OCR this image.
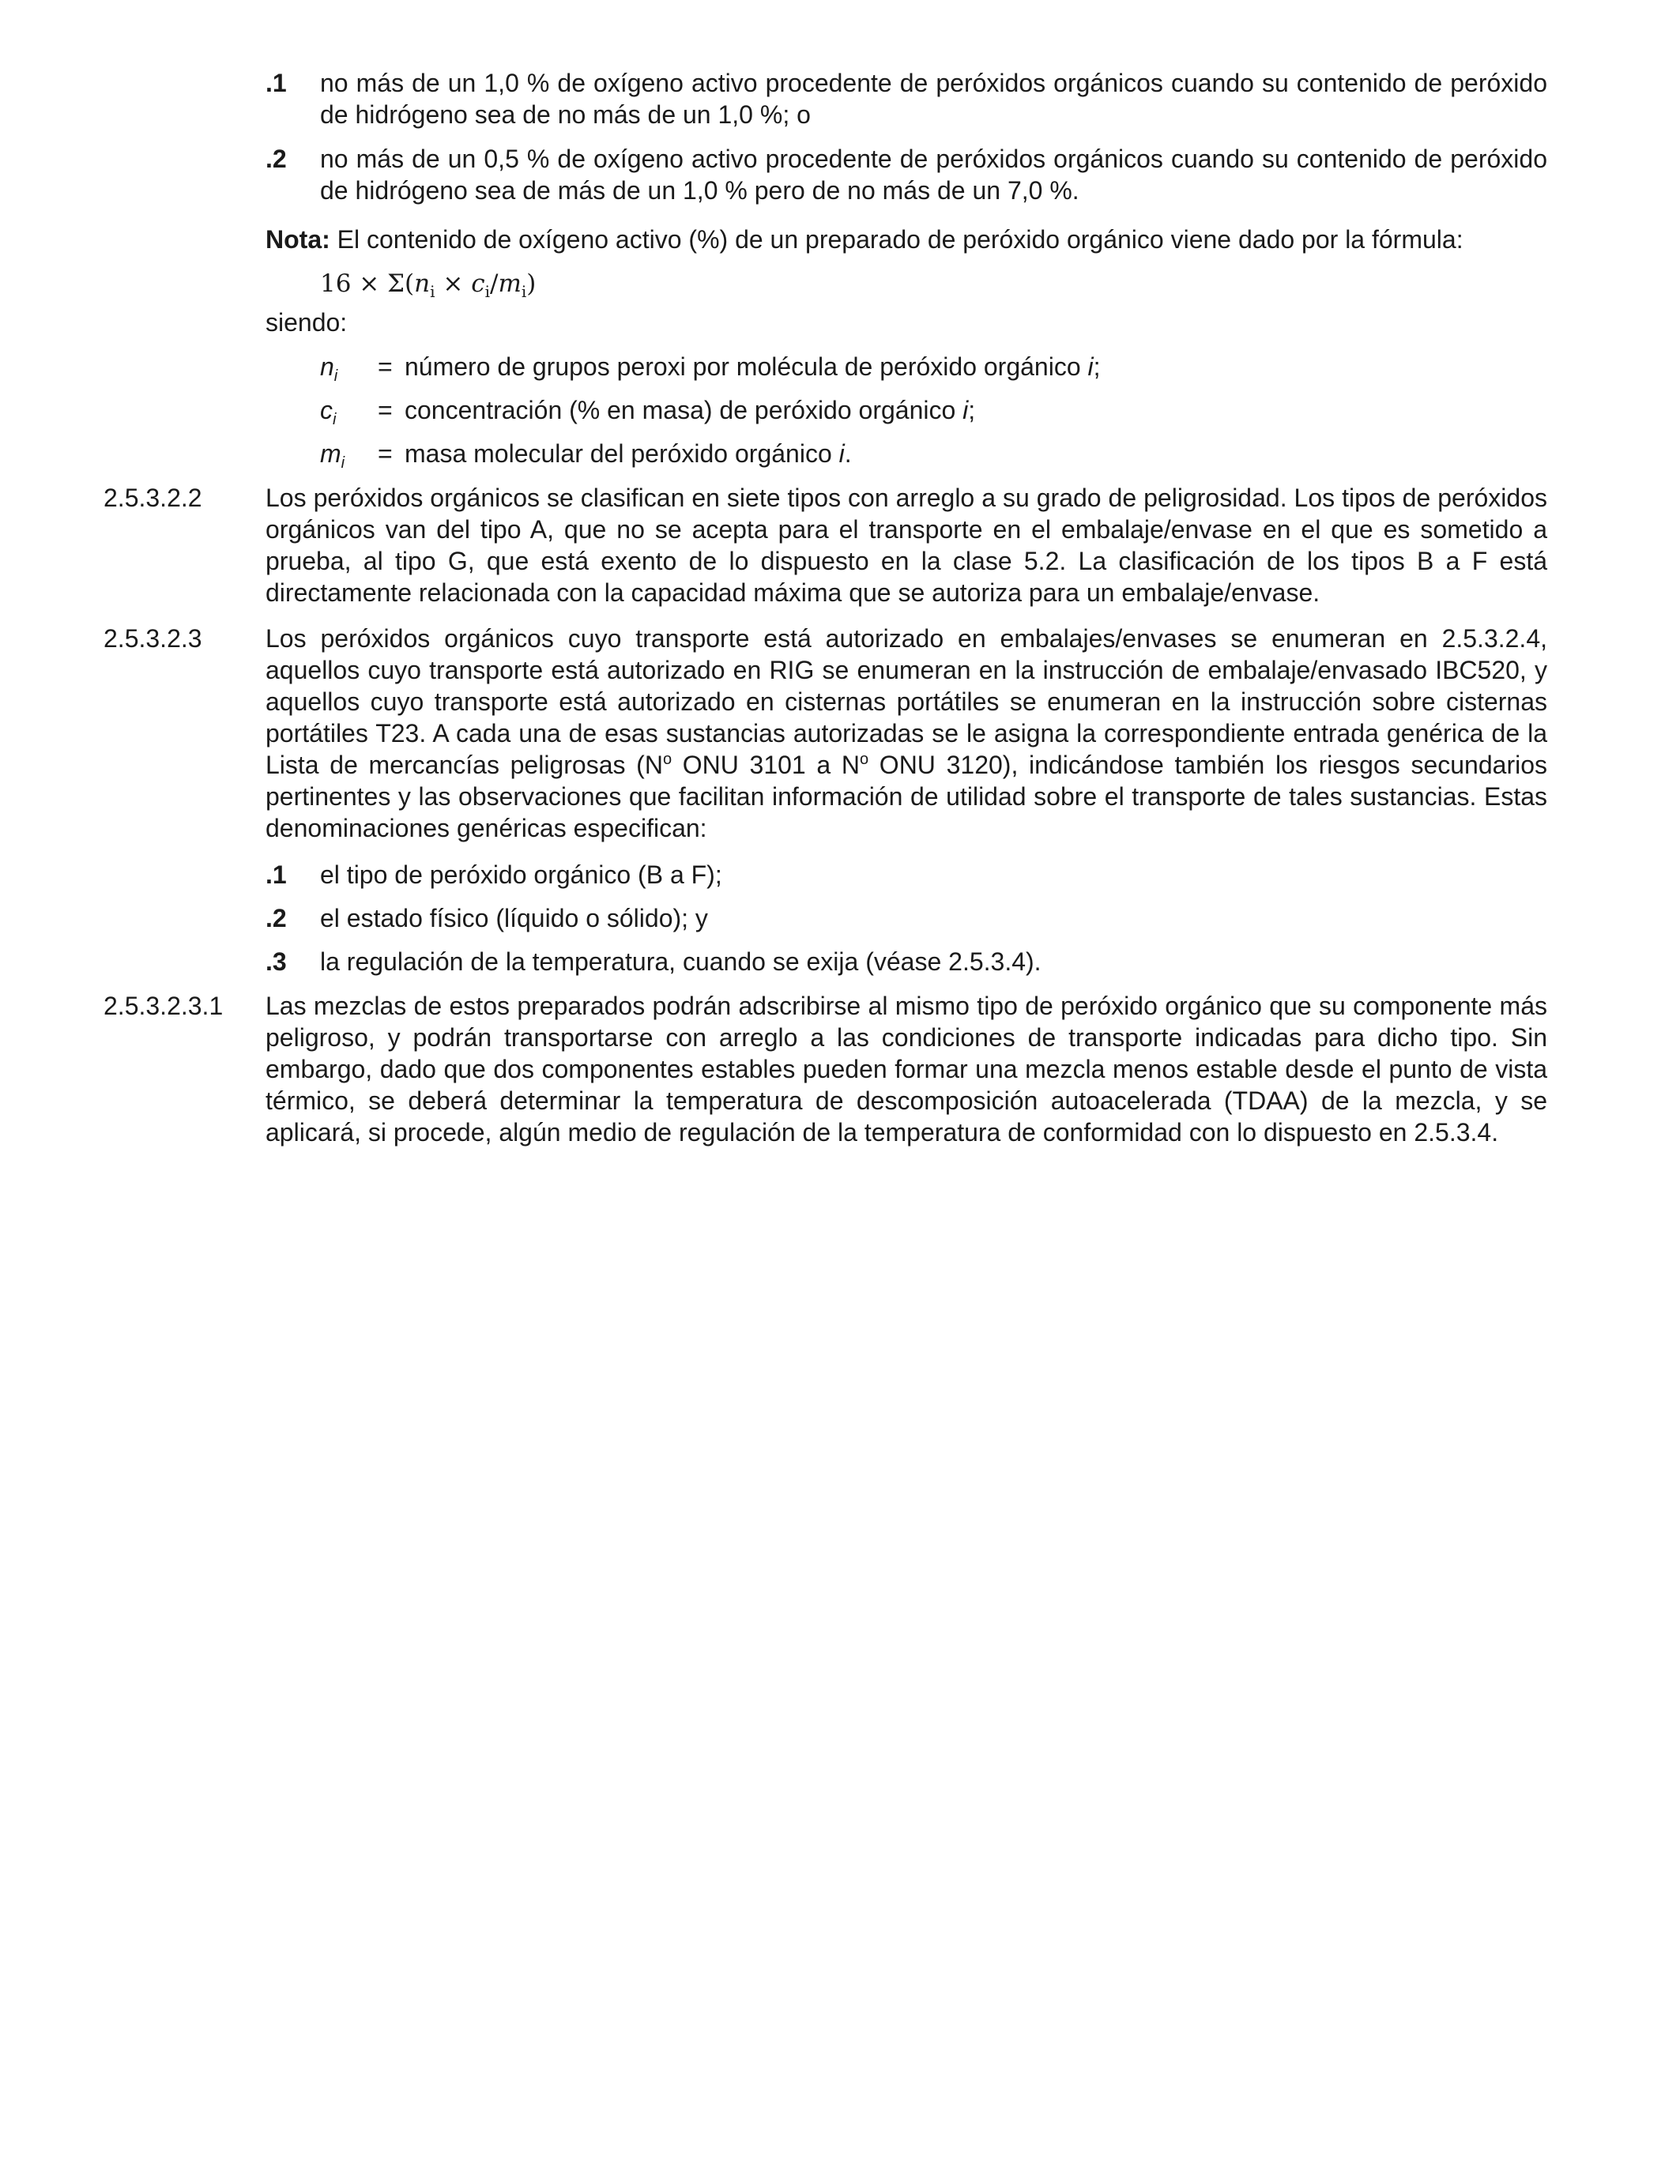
.1 no más de un 1,0 % de oxígeno activo procedente de peróxidos orgánicos cuando su contenido de peróxido de hidrógeno sea de no más de un 1,0 %; o
.2 no más de un 0,5 % de oxígeno activo procedente de peróxidos orgánicos cuando su contenido de peróxido de hidrógeno sea de más de un 1,0 % pero de no más de un 7,0 %.
Nota: El contenido de oxígeno activo (%) de un preparado de peróxido orgánico viene dado por la fórmula:
$16 \times \Sigma(n_i \times c_i/m_i)$
siendo:
$n_i$ = número de grupos peroxi por molécula de peróxido orgánico i;
$c_i$ = concentración (% en masa) de peróxido orgánico i;
$m_i$ = masa molecular del peróxido orgánico i.
2.5.3.2.2	Los peróxidos orgánicos se clasifican en siete tipos con arreglo a su grado de peligrosidad. Los tipos de peróxidos orgánicos van del tipo A, que no se acepta para el transporte en el embalaje/envase en el que es sometido a prueba, al tipo G, que está exento de lo dispuesto en la clase 5.2. La clasificación de los tipos B a F está directamente relacionada con la capacidad máxima que se autoriza para un embalaje/envase.
2.5.3.2.3	Los peróxidos orgánicos cuyo transporte está autorizado en embalajes/envases se enumeran en 2.5.3.2.4, aquellos cuyo transporte está autorizado en RIG se enumeran en la instrucción de embalaje/envasado IBC520, y aquellos cuyo transporte está autorizado en cisternas portátiles se enumeran en la instrucción sobre cisternas portátiles T23. A cada una de esas sustancias autorizadas se le asigna la correspondiente entrada genérica de la Lista de mercancías peligrosas ($N^o$ ONU 3101 a $N^o$ ONU 3120), indicándose también los riesgos secundarios pertinentes y las observaciones que facilitan información de utilidad sobre el transporte de tales sustancias. Estas denominaciones genéricas especifican:
.1 el tipo de peróxido orgánico (B a F);
.2 el estado físico (líquido o sólido); y
.3 la regulación de la temperatura, cuando se exija (véase 2.5.3.4).
2.5.3.2.3.1 Las mezclas de estos preparados podrán adscribirse al mismo tipo de peróxido orgánico que su componente más peligroso, y podrán transportarse con arreglo a las condiciones de transporte indicadas para dicho tipo. Sin embargo, dado que dos componentes estables pueden formar una mezcla menos estable desde el punto de vista térmico, se deberá determinar la temperatura de descomposición autoacelerada (TDAA) de la mezcla, y se aplicará, si procede, algún medio de regulación de la temperatura de conformidad con lo dispuesto en 2.5.3.4.
